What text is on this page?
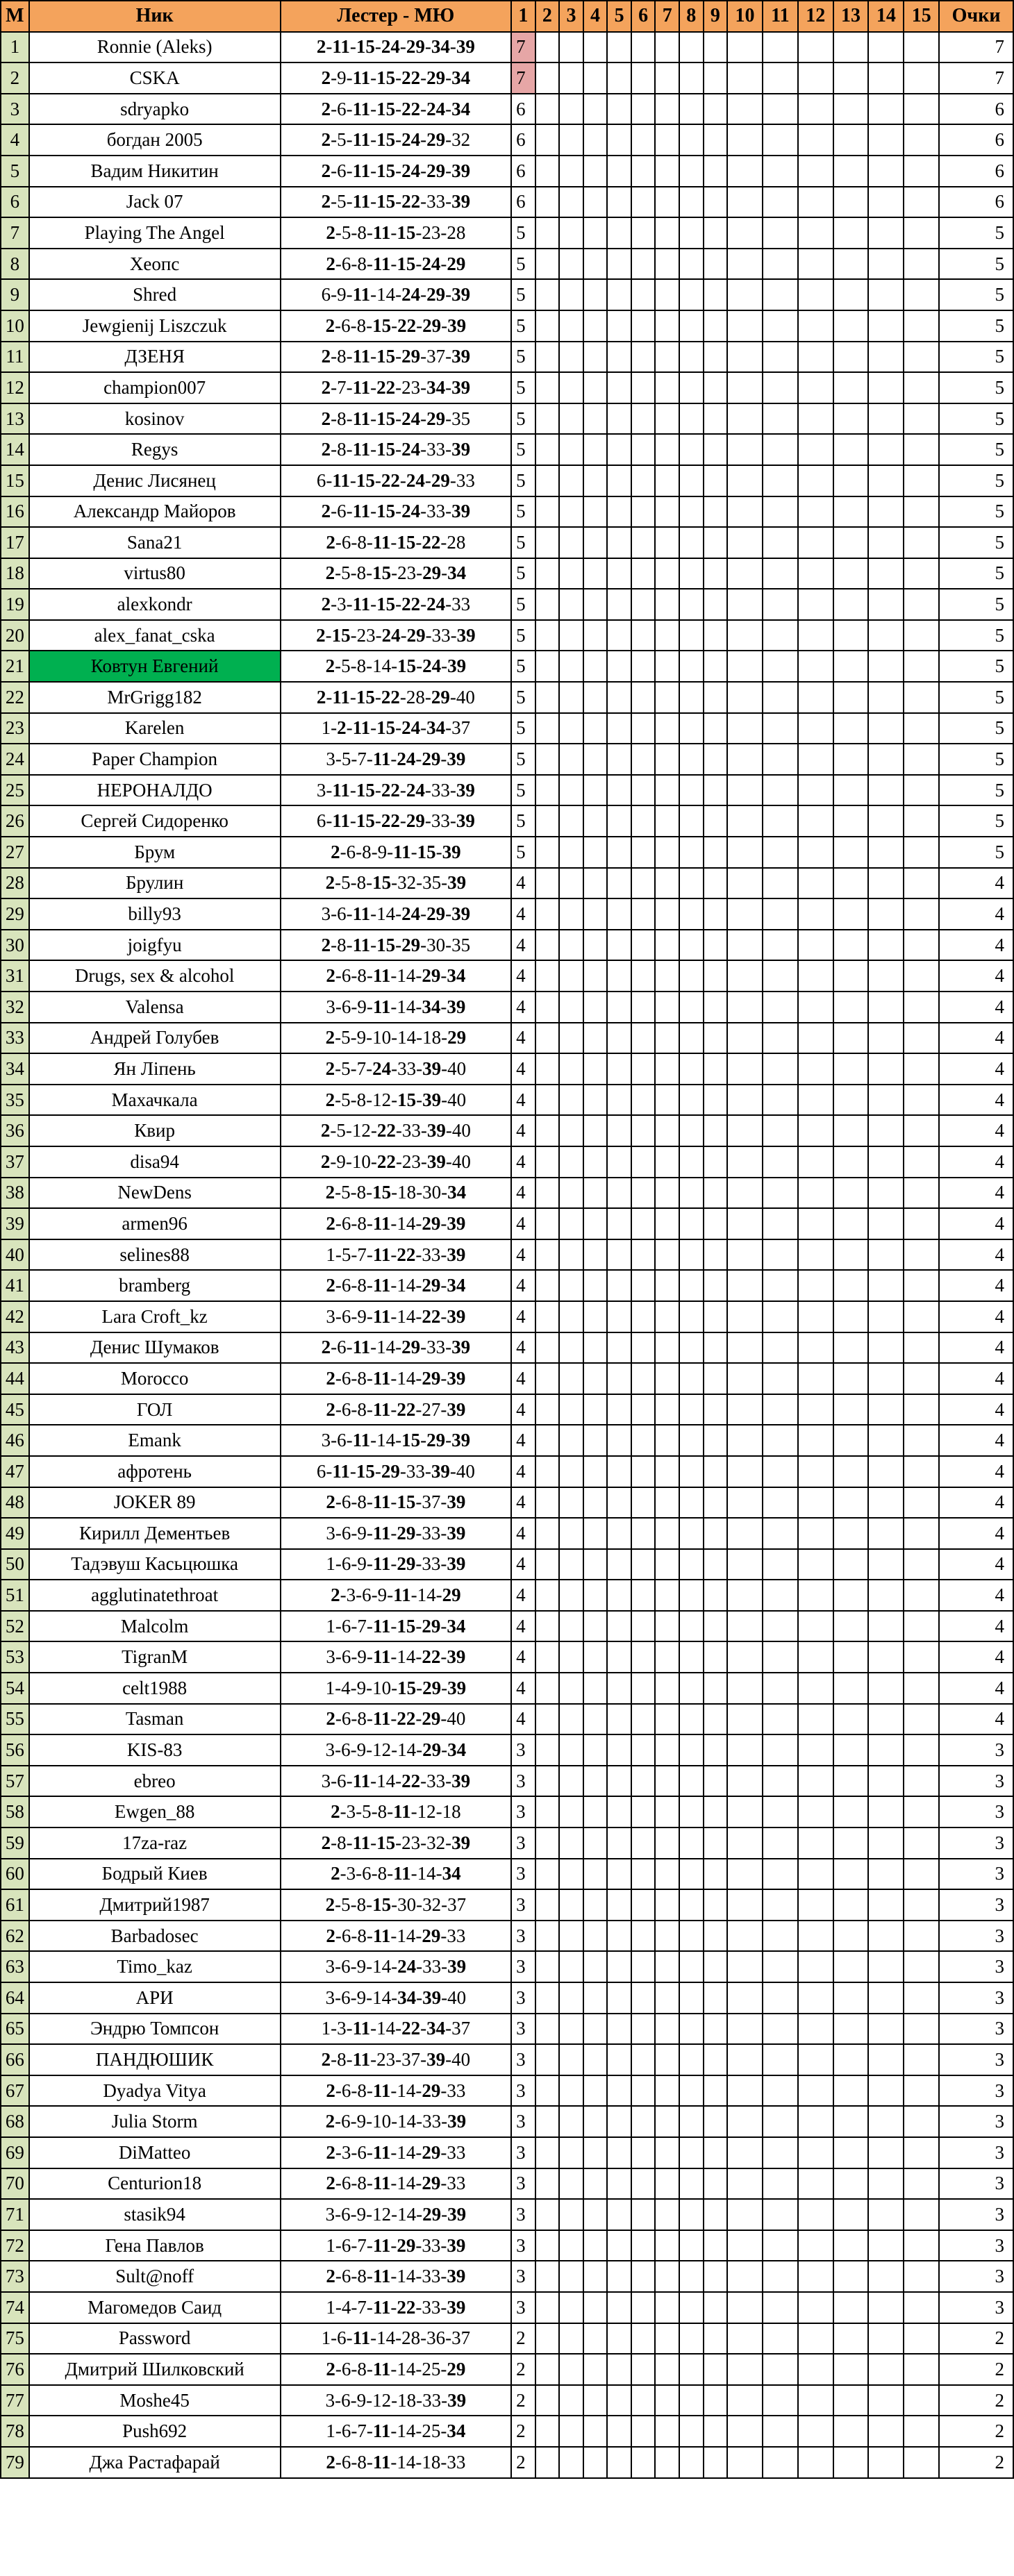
М	Ник	Лестер - МЮ	1	2	3	4	5	6	7	8	9	10	11	12	13	14	15	Очки
1	Ronnie (Aleks)	2-11-15-24-29-34-39	7															7
2	CSKA	2-9-11-15-22-29-34	7															7
3	sdryapko	2-6-11-15-22-24-34	6															6
4	богдан 2005	2-5-11-15-24-29-32	6															6
5	Вадим Никитин	2-6-11-15-24-29-39	6															6
6	Jack 07	2-5-11-15-22-33-39	6															6
7	Playing The Angel	2-5-8-11-15-23-28	5															5
8	Хеопс	2-6-8-11-15-24-29	5															5
9	Shred	6-9-11-14-24-29-39	5															5
10	Jewgienij Liszczuk	2-6-8-15-22-29-39	5															5
11	ДЗЕНЯ	2-8-11-15-29-37-39	5															5
12	champion007	2-7-11-22-23-34-39	5															5
13	kosinov	2-8-11-15-24-29-35	5															5
14	Regys	2-8-11-15-24-33-39	5															5
15	Денис Лисянец	6-11-15-22-24-29-33	5															5
16	Александр Майоров	2-6-11-15-24-33-39	5															5
17	Sana21	2-6-8-11-15-22-28	5															5
18	virtus80	2-5-8-15-23-29-34	5															5
19	alexkondr	2-3-11-15-22-24-33	5															5
20	alex_fanat_cska	2-15-23-24-29-33-39	5															5
21	Ковтун Евгений	2-5-8-14-15-24-39	5															5
22	MrGrigg182	2-11-15-22-28-29-40	5															5
23	Karelen	1-2-11-15-24-34-37	5															5
24	Paper Champion	3-5-7-11-24-29-39	5															5
25	НЕРОНАЛДО	3-11-15-22-24-33-39	5															5
26	Сергей Сидоренко	6-11-15-22-29-33-39	5															5
27	Брум	2-6-8-9-11-15-39	5															5
28	Брулин	2-5-8-15-32-35-39	4															4
29	billy93	3-6-11-14-24-29-39	4															4
30	joigfyu	2-8-11-15-29-30-35	4															4
31	Drugs, sex & alcohol	2-6-8-11-14-29-34	4															4
32	Valensa	3-6-9-11-14-34-39	4															4
33	Андрей Голубев	2-5-9-10-14-18-29	4															4
34	Ян Ліпень	2-5-7-24-33-39-40	4															4
35	Махачкала	2-5-8-12-15-39-40	4															4
36	Квир	2-5-12-22-33-39-40	4															4
37	disa94	2-9-10-22-23-39-40	4															4
38	NewDens	2-5-8-15-18-30-34	4															4
39	armen96	2-6-8-11-14-29-39	4															4
40	selines88	1-5-7-11-22-33-39	4															4
41	bramberg	2-6-8-11-14-29-34	4															4
42	Lara Croft_kz	3-6-9-11-14-22-39	4															4
43	Денис Шумаков	2-6-11-14-29-33-39	4															4
44	Morocco	2-6-8-11-14-29-39	4															4
45	ГОЛ	2-6-8-11-22-27-39	4															4
46	Emank	3-6-11-14-15-29-39	4															4
47	афротень	6-11-15-29-33-39-40	4															4
48	JOKER 89	2-6-8-11-15-37-39	4															4
49	Кирилл Дементьев	3-6-9-11-29-33-39	4															4
50	Тадэвуш Касьцюшка	1-6-9-11-29-33-39	4															4
51	agglutinatethroat	2-3-6-9-11-14-29	4															4
52	Malcolm	1-6-7-11-15-29-34	4															4
53	TigranM	3-6-9-11-14-22-39	4															4
54	celt1988	1-4-9-10-15-29-39	4															4
55	Tasman	2-6-8-11-22-29-40	4															4
56	KIS-83	3-6-9-12-14-29-34	3															3
57	ebreo	3-6-11-14-22-33-39	3															3
58	Ewgen_88	2-3-5-8-11-12-18	3															3
59	17za-raz	2-8-11-15-23-32-39	3															3
60	Бодрый Киев	2-3-6-8-11-14-34	3															3
61	Дмитрий1987	2-5-8-15-30-32-37	3															3
62	Barbadosec	2-6-8-11-14-29-33	3															3
63	Timo_kaz	3-6-9-14-24-33-39	3															3
64	АРИ	3-6-9-14-34-39-40	3															3
65	Эндрю Томпсон	1-3-11-14-22-34-37	3															3
66	ПАНДЮШИК	2-8-11-23-37-39-40	3															3
67	Dyadya Vitya	2-6-8-11-14-29-33	3															3
68	Julia Storm	2-6-9-10-14-33-39	3															3
69	DiMatteo	2-3-6-11-14-29-33	3															3
70	Centurion18	2-6-8-11-14-29-33	3															3
71	stasik94	3-6-9-12-14-29-39	3															3
72	Гена Павлов	1-6-7-11-29-33-39	3															3
73	Sult@noff	2-6-8-11-14-33-39	3															3
74	Магомедов Саид	1-4-7-11-22-33-39	3															3
75	Password	1-6-11-14-28-36-37	2															2
76	Дмитрий Шилковский	2-6-8-11-14-25-29	2															2
77	Moshe45	3-6-9-12-18-33-39	2															2
78	Push692	1-6-7-11-14-25-34	2															2
79	Джа Растафарай	2-6-8-11-14-18-33	2															2
